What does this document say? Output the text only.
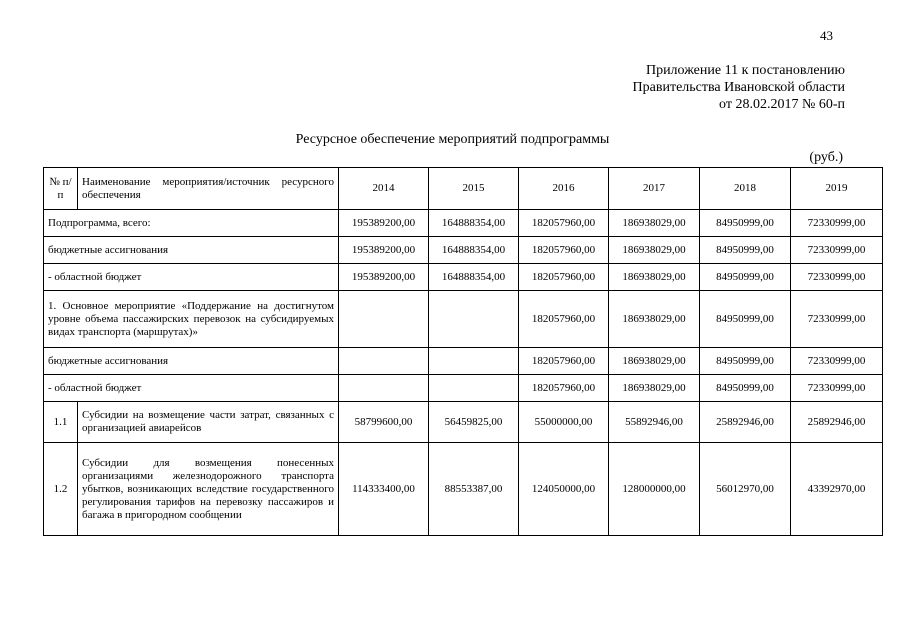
43
Приложение 11 к постановлению
Правительства Ивановской области
от 28.02.2017 № 60-п
Ресурсное обеспечение мероприятий подпрограммы
(руб.)
№ п/п	Наименование мероприятия/источник ресурсного обеспечения	2014	2015	2016	2017	2018	2019
Подпрограмма, всего:		195389200,00	164888354,00	182057960,00	186938029,00	84950999,00	72330999,00
бюджетные ассигнования		195389200,00	164888354,00	182057960,00	186938029,00	84950999,00	72330999,00
- областной бюджет		195389200,00	164888354,00	182057960,00	186938029,00	84950999,00	72330999,00
1. Основное мероприятие «Поддержание на достигнутом уровне объема пассажирских перевозок на субсидируемых видах транспорта (маршрутах)»				182057960,00	186938029,00	84950999,00	72330999,00
бюджетные ассигнования				182057960,00	186938029,00	84950999,00	72330999,00
- областной бюджет				182057960,00	186938029,00	84950999,00	72330999,00
1.1	Субсидии на возмещение части затрат, связанных с организацией авиарейсов	58799600,00	56459825,00	55000000,00	55892946,00	25892946,00	25892946,00
1.2	Субсидии для возмещения понесенных организациями железнодорожного транспорта убытков, возникающих вследствие государственного регулирования тарифов на перевозку пассажиров и багажа в пригородном сообщении	114333400,00	88553387,00	124050000,00	128000000,00	56012970,00	43392970,00
